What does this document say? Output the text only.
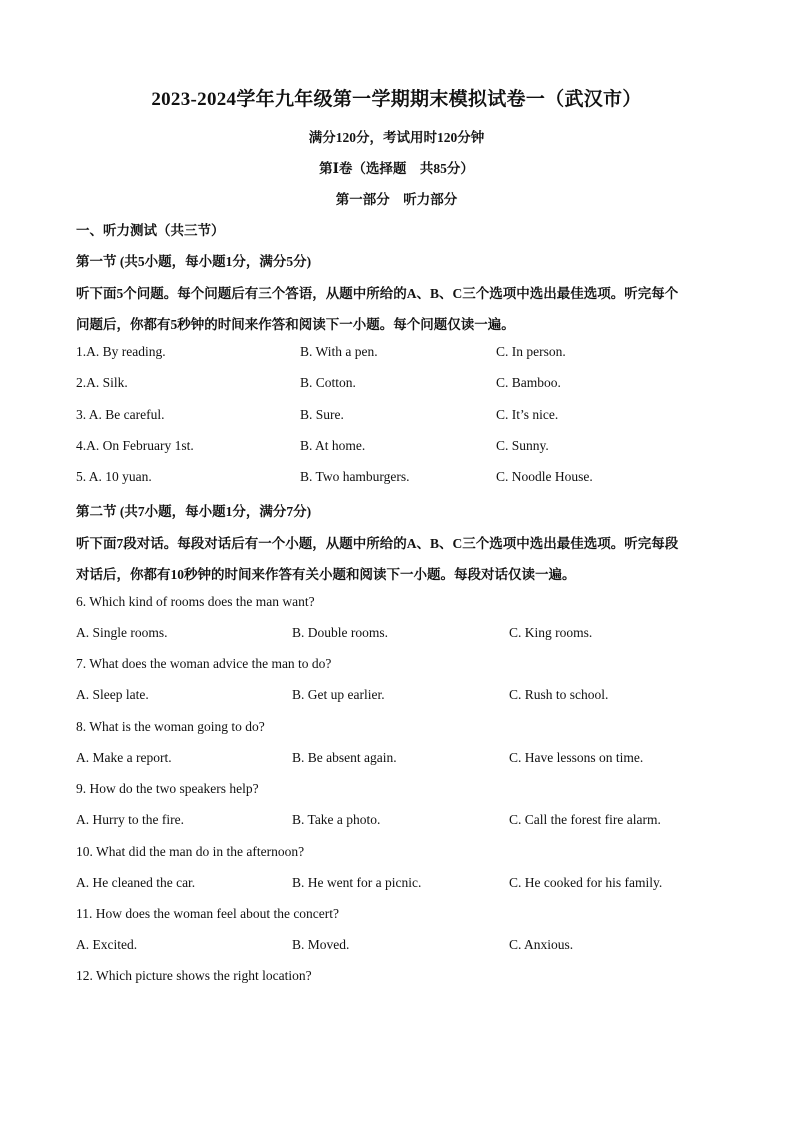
2023-2024学年九年级第一学期期末模拟试卷一（武汉市）
满分120分，考试用时120分钟
第Ⅰ卷（选择题　共85分）
第一部分　听力部分
一、听力测试（共三节）
第一节 (共5小题，每小题1分，满分5分)
听下面5个问题。每个问题后有三个答语，从题中所给的A、B、C三个选项中选出最佳选项。听完每个
问题后，你都有5秒钟的时间来作答和阅读下一小题。每个问题仅读一遍。
1.A. By reading.	B. With a pen.	C. In person.
2.A. Silk.	B. Cotton.	C. Bamboo.
3. A. Be careful.	B. Sure.	C. It’s nice.
4.A. On February 1st.	B. At home.	C. Sunny.
5. A. 10 yuan.	B. Two hamburgers.	C. Noodle House.
第二节 (共7小题，每小题1分，满分7分)
听下面7段对话。每段对话后有一个小题，从题中所给的A、B、C三个选项中选出最佳选项。听完每段
对话后，你都有10秒钟的时间来作答有关小题和阅读下一小题。每段对话仅读一遍。
6. Which kind of rooms does the man want?
A. Single rooms.	B. Double rooms.	C. King rooms.
7. What does the woman advice the man to do?
A. Sleep late.	B. Get up earlier.	C. Rush to school.
8. What is the woman going to do?
A. Make a report.	B. Be absent again.	C. Have lessons on time.
9. How do the two speakers help?
A. Hurry to the fire.	B. Take a photo.	C. Call the forest fire alarm.
10. What did the man do in the afternoon?
A. He cleaned the car.	B. He went for a picnic.	C. He cooked for his family.
11. How does the woman feel about the concert?
A. Excited.	B. Moved.	C. Anxious.
12. Which picture shows the right location?
